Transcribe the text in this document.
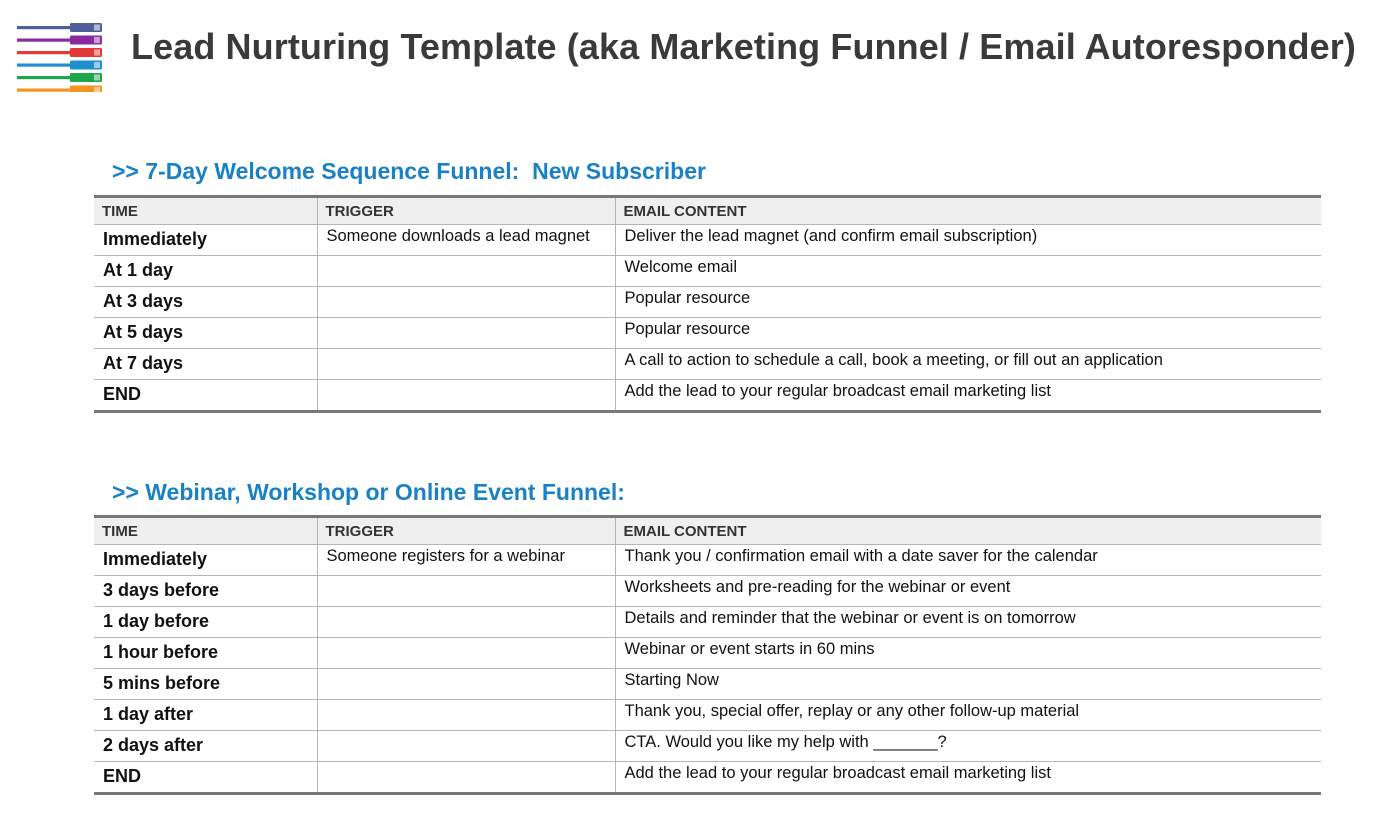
Lead Nurturing Template (aka Marketing Funnel / Email Autoresponder)
>> 7-Day Welcome Sequence Funnel:  New Subscriber
TIME	TRIGGER	EMAIL CONTENT
Immediately	Someone downloads a lead magnet	Deliver the lead magnet (and confirm email subscription)
At 1 day		Welcome email
At 3 days		Popular resource
At 5 days		Popular resource
At 7 days		A call to action to schedule a call, book a meeting, or fill out an application
END		Add the lead to your regular broadcast email marketing list
>> Webinar, Workshop or Online Event Funnel:
TIME	TRIGGER	EMAIL CONTENT
Immediately	Someone registers for a webinar	Thank you / confirmation email with a date saver for the calendar
3 days before		Worksheets and pre-reading for the webinar or event
1 day before		Details and reminder that the webinar or event is on tomorrow
1 hour before		Webinar or event starts in 60 mins
5 mins before		Starting Now
1 day after		Thank you, special offer, replay or any other follow-up material
2 days after		CTA. Would you like my help with _______?
END		Add the lead to your regular broadcast email marketing list
